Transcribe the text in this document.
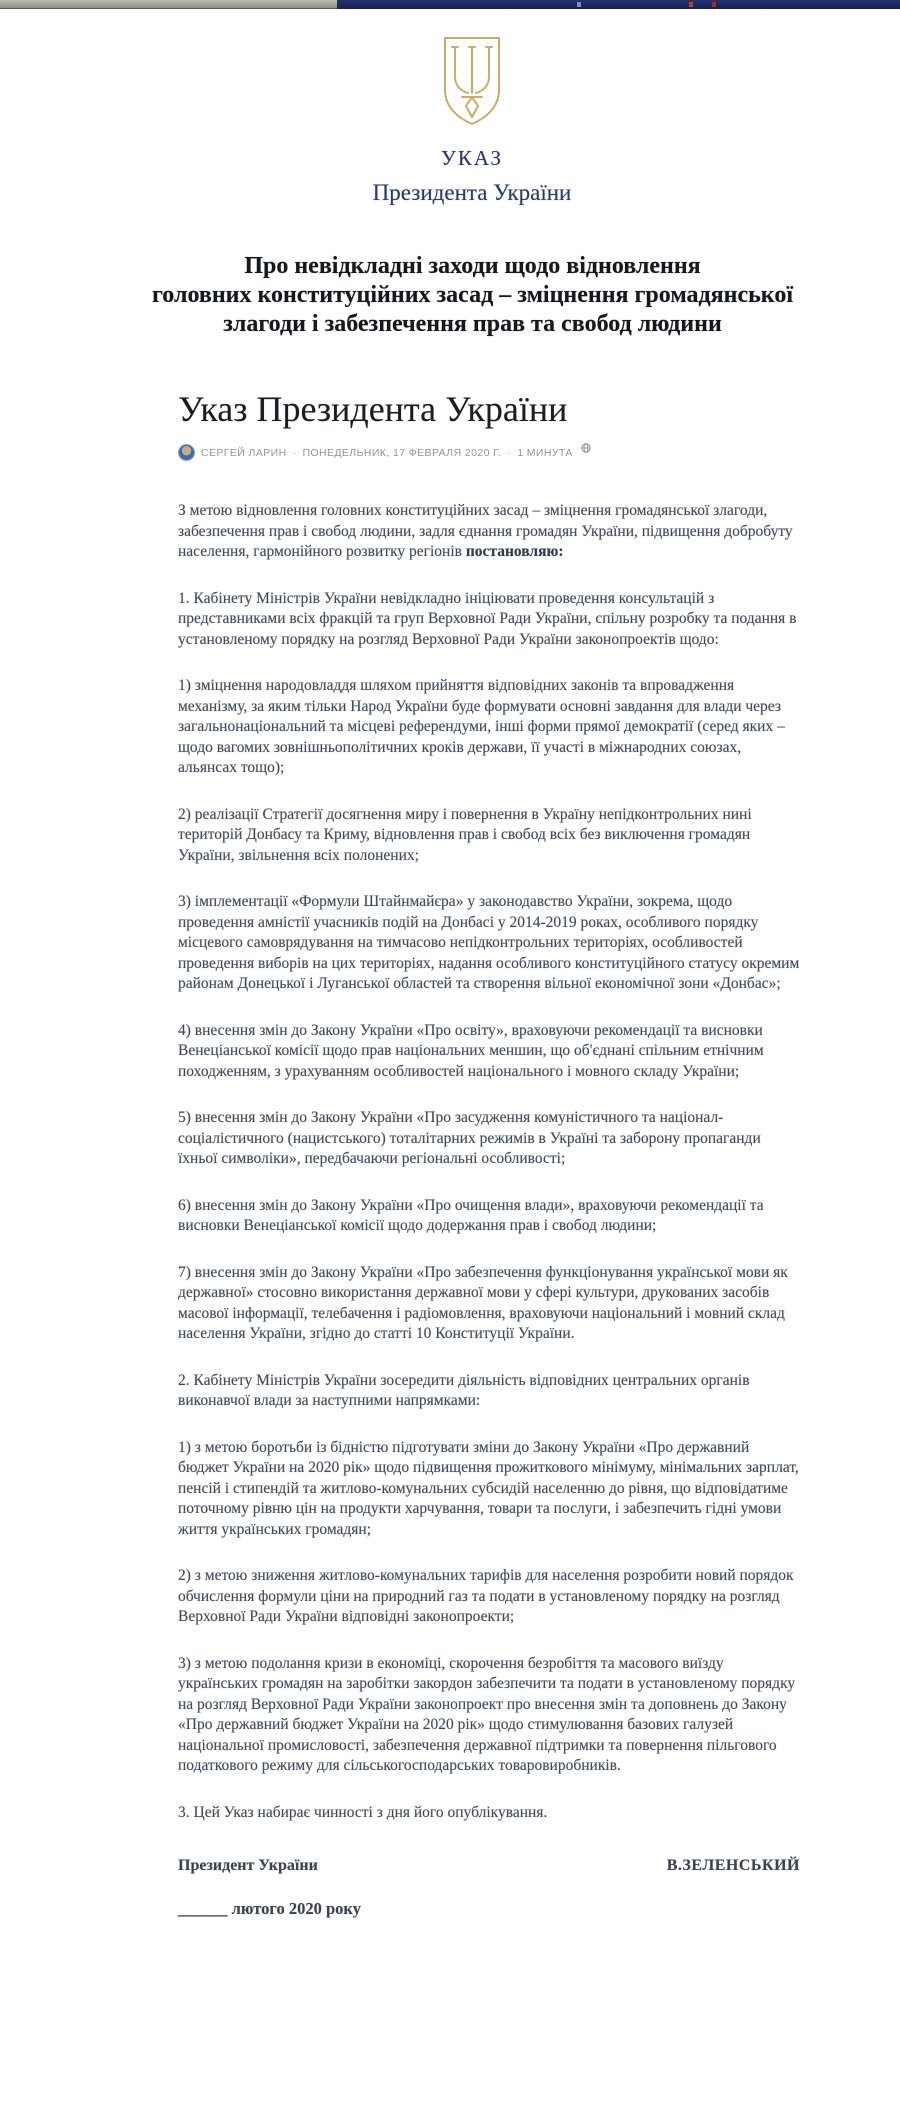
УКАЗ
Президента України
Про невідкладні заходи щодо відновлення
головних конституційних засад – зміцнення громадянської
злагоди і забезпечення прав та свобод людини
Указ Президента України
СЕРГЕЙ ЛАРИН · ПОНЕДЕЛЬНИК, 17 ФЕВРАЛЯ 2020 Г. · 1 МИНУТА

З метою відновлення головних конституційних засад – зміцнення громадянської злагоди, забезпечення прав і свобод людини, задля єднання громадян України, підвищення добробуту населення, гармонійного розвитку регіонів постановляю:

1. Кабінету Міністрів України невідкладно ініціювати проведення консультацій з представниками всіх фракцій та груп Верховної Ради України, спільну розробку та подання в установленому порядку на розгляд Верховної Ради України законопроектів щодо:

1) зміцнення народовладдя шляхом прийняття відповідних законів та впровадження механізму, за яким тільки Народ України буде формувати основні завдання для влади через загальнонаціональний та місцеві референдуми, інші форми прямої демократії (серед яких – щодо вагомих зовнішньополітичних кроків держави, її участі в міжнародних союзах, альянсах тощо);

2) реалізації Стратегії досягнення миру і повернення в Україну непідконтрольних нині територій Донбасу та Криму, відновлення прав і свобод всіх без виключення громадян України, звільнення всіх полонених;

3) імплементації «Формули Штайнмайєра» у законодавство України, зокрема, щодо проведення амністії учасників подій на Донбасі у 2014-2019 роках, особливого порядку місцевого самоврядування на тимчасово непідконтрольних територіях, особливостей проведення виборів на цих територіях, надання особливого конституційного статусу окремим районам Донецької і Луганської областей та створення вільної економічної зони «Донбас»;

4) внесення змін до Закону України «Про освіту», враховуючи рекомендації та висновки Венеціанської комісії щодо прав національних меншин, що об'єднані спільним етнічним походженням, з урахуванням особливостей національного і мовного складу України;

5) внесення змін до Закону України «Про засудження комуністичного та націонал-соціалістичного (нацистського) тоталітарних режимів в Україні та заборону пропаганди їхньої символіки», передбачаючи регіональні особливості;

6) внесення змін до Закону України «Про очищення влади», враховуючи рекомендації та висновки Венеціанської комісії щодо додержання прав і свобод людини;

7) внесення змін до Закону України «Про забезпечення функціонування української мови як державної» стосовно використання державної мови у сфері культури, друкованих засобів масової інформації, телебачення і радіомовлення, враховуючи національний і мовний склад населення України, згідно до статті 10 Конституції України.

2. Кабінету Міністрів України зосередити діяльність відповідних центральних органів виконавчої влади за наступними напрямками:

1) з метою боротьби із бідністю підготувати зміни до Закону України «Про державний бюджет України на 2020 рік» щодо підвищення прожиткового мінімуму, мінімальних зарплат, пенсій і стипендій та житлово-комунальних субсидій населенню до рівня, що відповідатиме поточному рівню цін на продукти харчування, товари та послуги, і забезпечить гідні умови життя українських громадян;

2) з метою зниження житлово-комунальних тарифів для населення розробити новий порядок обчислення формули ціни на природний газ та подати в установленому порядку на розгляд Верховної Ради України відповідні законопроекти;

3) з метою подолання кризи в економіці, скорочення безробіття та масового виїзду українських громадян на заробітки закордон забезпечити та подати в установленому порядку на розгляд Верховної Ради України законопроект про внесення змін та доповнень до Закону «Про державний бюджет України на 2020 рік» щодо стимулювання базових галузей національної промисловості, забезпечення державної підтримки та повернення пільгового податкового режиму для сільськогосподарських товаровиробників.

3. Цей Указ набирає чинності з дня його опублікування.

Президент України	В.ЗЕЛЕНСЬКИЙ
______ лютого 2020 року
